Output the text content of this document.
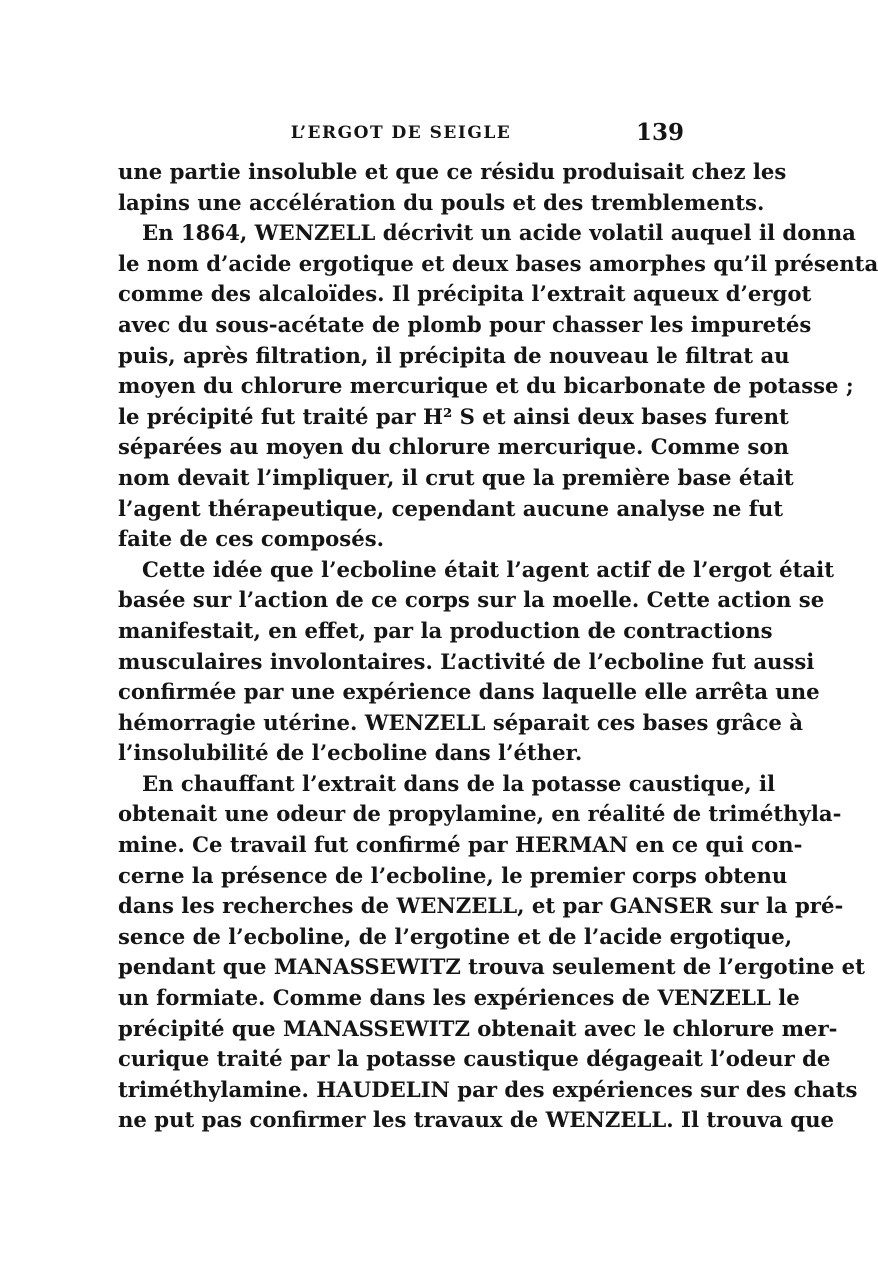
L’ERGOT DE SEIGLE	139
une partie insoluble et que ce résidu produisait chez les
lapins une accélération du pouls et des tremblements.
En 1864, WENZELL décrivit un acide volatil auquel il donna
le nom d’acide ergotique et deux bases amorphes qu’il présenta
comme des alcaloïdes. Il précipita l’extrait aqueux d’ergot
avec du sous-acétate de plomb pour chasser les impuretés
puis, après filtration, il précipita de nouveau le filtrat au
moyen du chlorure mercurique et du bicarbonate de potasse ;
le précipité fut traité par H² S et ainsi deux bases furent
séparées au moyen du chlorure mercurique. Comme son
nom devait l’impliquer, il crut que la première base était
l’agent thérapeutique, cependant aucune analyse ne fut
faite de ces composés.
Cette idée que l’ecboline était l’agent actif de l’ergot était
basée sur l’action de ce corps sur la moelle. Cette action se
manifestait, en effet, par la production de contractions
musculaires involontaires. L’activité de l’ecboline fut aussi
confirmée par une expérience dans laquelle elle arrêta une
hémorragie utérine. WENZELL séparait ces bases grâce à
l’insolubilité de l’ecboline dans l’éther.
En chauffant l’extrait dans de la potasse caustique, il
obtenait une odeur de propylamine, en réalité de triméthyla-
mine. Ce travail fut confirmé par HERMAN en ce qui con-
cerne la présence de l’ecboline, le premier corps obtenu
dans les recherches de WENZELL, et par GANSER sur la pré-
sence de l’ecboline, de l’ergotine et de l’acide ergotique,
pendant que MANASSEWITZ trouva seulement de l’ergotine et
un formiate. Comme dans les expériences de VENZELL le
précipité que MANASSEWITZ obtenait avec le chlorure mer-
curique traité par la potasse caustique dégageait l’odeur de
triméthylamine. HAUDELIN par des expériences sur des chats
ne put pas confirmer les travaux de WENZELL. Il trouva que
